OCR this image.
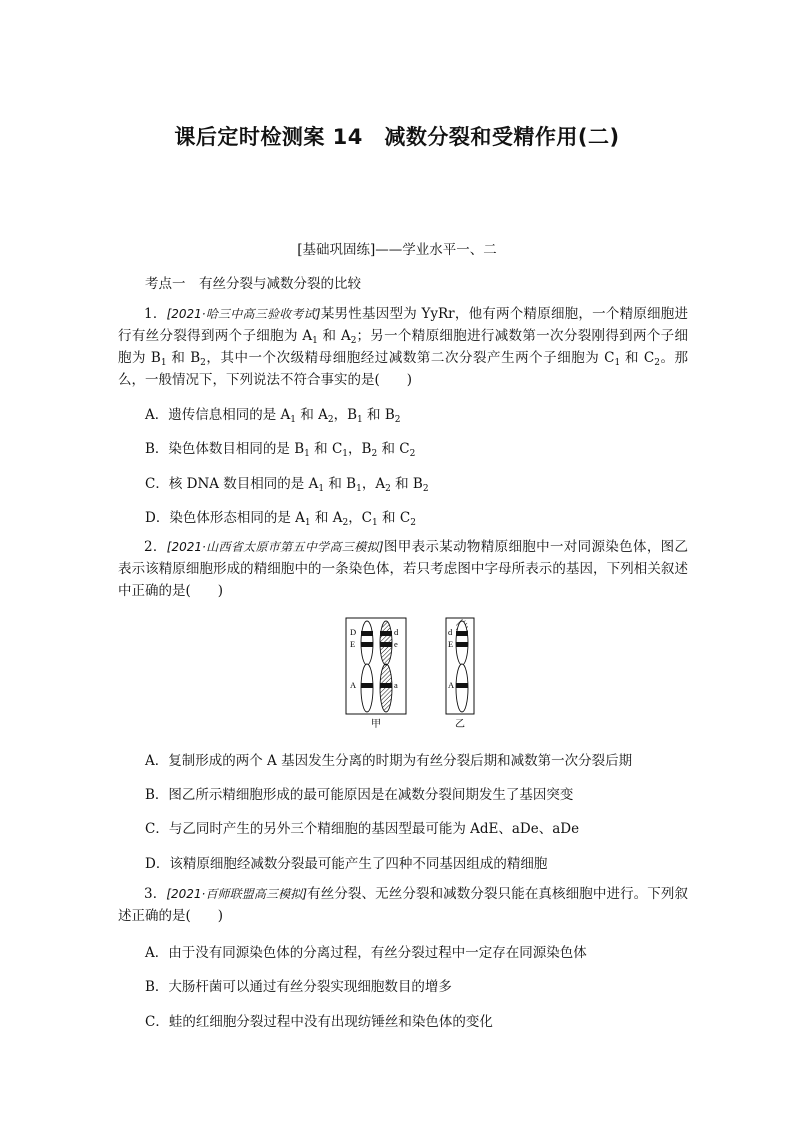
课后定时检测案 14　减数分裂和受精作用(二)
[基础巩固练]——学业水平一、二
考点一　有丝分裂与减数分裂的比较
1．[2021·哈三中高三验收考试]某男性基因型为 YyRr，他有两个精原细胞，一个精原细胞进行有丝分裂得到两个子细胞为 $A_1$ 和 $A_2$；另一个精原细胞进行减数第一次分裂刚得到两个子细胞为 $B_1$ 和 $B_2$，其中一个次级精母细胞经过减数第二次分裂产生两个子细胞为 $C_1$ 和 $C_2$。那么，一般情况下，下列说法不符合事实的是(　　)
A．遗传信息相同的是 $A_1$ 和 $A_2$，$B_1$ 和 $B_2$
B．染色体数目相同的是 $B_1$ 和 $C_1$，$B_2$ 和 $C_2$
C．核 DNA 数目相同的是 $A_1$ 和 $B_1$，$A_2$ 和 $B_2$
D．染色体形态相同的是 $A_1$ 和 $A_2$，$C_1$ 和 $C_2$
2．[2021·山西省太原市第五中学高三模拟]图甲表示某动物精原细胞中一对同源染色体，图乙表示该精原细胞形成的精细胞中的一条染色体，若只考虑图中字母所表示的基因，下列相关叙述中正确的是(　　)
D
E
A
d
e
a
甲
d
E
A
乙
A．复制形成的两个 A 基因发生分离的时期为有丝分裂后期和减数第一次分裂后期
B．图乙所示精细胞形成的最可能原因是在减数分裂间期发生了基因突变
C．与乙同时产生的另外三个精细胞的基因型最可能为 AdE、aDe、aDe
D．该精原细胞经减数分裂最可能产生了四种不同基因组成的精细胞
3．[2021·百师联盟高三模拟]有丝分裂、无丝分裂和减数分裂只能在真核细胞中进行。下列叙述正确的是(　　)
A．由于没有同源染色体的分离过程，有丝分裂过程中一定存在同源染色体
B．大肠杆菌可以通过有丝分裂实现细胞数目的增多
C．蛙的红细胞分裂过程中没有出现纺锤丝和染色体的变化
